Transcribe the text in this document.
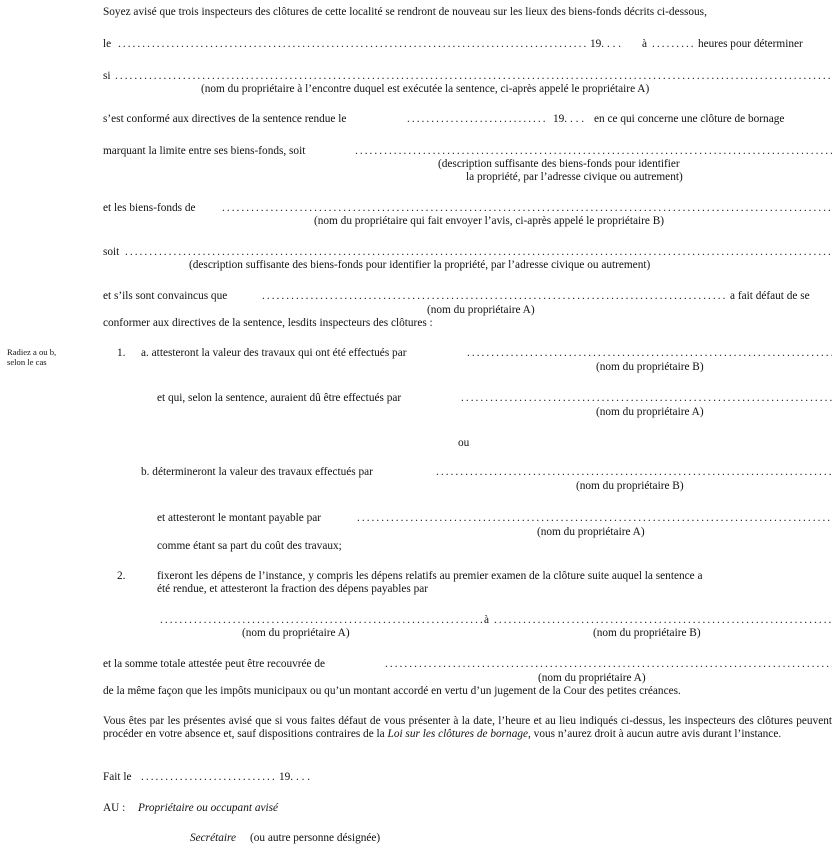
Soyez avisé que trois inspecteurs des clôtures de cette localité se rendront de nouveau sur les lieux des biens-fonds décrits ci-dessous,
le . . .	19. . . . à . . .	heures pour déterminer
si
. . .
(nom du propriétaire à l’encontre duquel est exécutée la sentence, ci-après appelé le propriétaire A)
s’est conformé aux directives de la sentence rendue le . . .	19. . . . en ce qui concerne une clôture de bornage
marquant la limite entre ses biens-fonds, soit
. . .
(description suffisante des biens-fonds pour identifier
la propriété, par l’adresse civique ou autrement)
et les biens-fonds de
. . .
(nom du propriétaire qui fait envoyer l’avis, ci-après appelé le propriétaire B)
soit
. . .
(description suffisante des biens-fonds pour identifier la propriété, par l’adresse civique ou autrement)
et s’ils sont convaincus que . . .	a fait défaut de se
(nom du propriétaire A)
conformer aux directives de la sentence, lesdits inspecteurs des clôtures :
Radiez a ou b,
selon le cas
1. a. attesteront la valeur des travaux qui ont été effectués par
. . .
(nom du propriétaire B)
et qui, selon la sentence, auraient dû être effectués par
. . .
(nom du propriétaire A)
ou
b. détermineront la valeur des travaux effectués par
. . .
(nom du propriétaire B)
et attesteront le montant payable par
. . .
(nom du propriétaire A)
comme étant sa part du coût des travaux;
2.	fixeront les dépens de l’instance, y compris les dépens relatifs au premier examen de la clôture suite auquel la sentence a
été rendue, et attesteront la fraction des dépens payables par
. . .
à
. . .
(nom du propriétaire A)	(nom du propriétaire B)
et la somme totale attestée peut être recouvrée de
. . .
(nom du propriétaire A)
de la même façon que les impôts municipaux ou qu’un montant accordé en vertu d’un jugement de la Cour des petites créances.
Vous êtes par les présentes avisé que si vous faites défaut de vous présenter à la date, l’heure et au lieu indiqués ci-dessus, les inspecteurs des clôtures peuvent procéder en votre absence et, sauf dispositions contraires de la Loi sur les clôtures de bornage, vous n’aurez droit à aucun autre avis durant l’instance.
Fait le . . .	19. . . .
AU : Propriétaire ou occupant avisé
Secrétaire (ou autre personne désignée)
